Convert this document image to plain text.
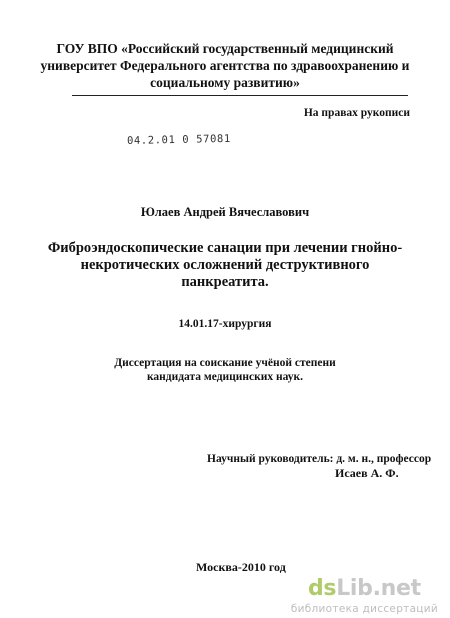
ГОУ ВПО «Российский государственный медицинский
университет Федерального агентства по здравоохранению и
социальному развитию»
На правах рукописи
04.2.01 0 57081
Юлаев Андрей Вячеславович
Фиброэндоскопические санации при лечении гнойно-
некротических осложнений деструктивного
панкреатита.
14.01.17-хирургия
Диссертация на соискание учёной степени
кандидата медицинских наук.
Научный руководитель: д. м. н., профессор
Исаев А. Ф.
Москва-2010 год
dsLib.net
библиотека диссертаций
